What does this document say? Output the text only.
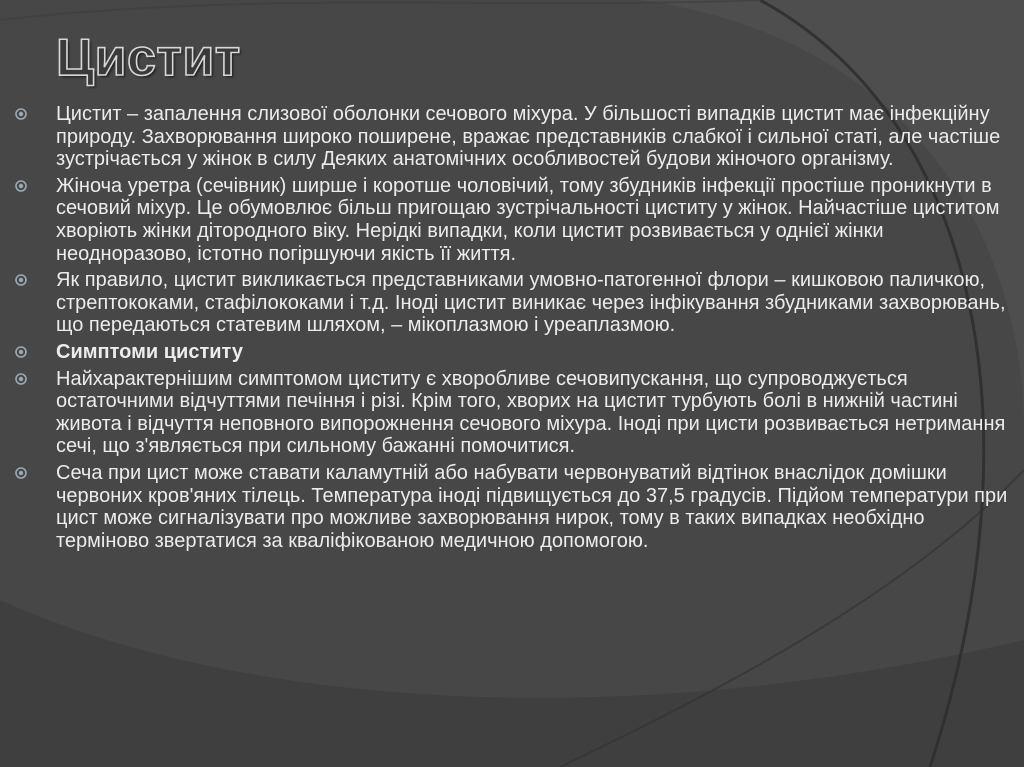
Цистит
Цистит – запалення слизової оболонки сечового міхура. У більшості випадків цистит має інфекційну природу. Захворювання широко поширене, вражає представників слабкої і сильної статі, але частіше зустрічається у жінок в силу Деяких анатомічних особливостей будови жіночого організму.
Жіноча уретра (сечівник) ширше і коротше чоловічий, тому збудників інфекції простіше проникнути в сечовий міхур. Це обумовлює більш пригощаю зустрічальності циститу у жінок. Найчастіше циститом хворіють жінки дітородного віку. Нерідкі випадки, коли цистит розвивається у однієї жінки неодноразово, істотно погіршуючи якість її життя.
Як правило, цистит викликається представниками умовно-патогенної флори – кишковою паличкою, стрептококами, стафілококами і т.д. Іноді цистит виникає через інфікування збудниками захворювань, що передаються статевим шляхом, – мікоплазмою і уреаплазмою.
Симптоми циститу
Найхарактернішим симптомом циститу є хворобливе сечовипускання, що супроводжується остаточними відчуттями печіння і різі. Крім того, хворих на цистит турбують болі в нижній частині живота і відчуття неповного випорожнення сечового міхура. Іноді при цисти розвивається нетримання сечі, що з'являється при сильному бажанні помочитися.
Сеча при цист може ставати каламутній або набувати червонуватий відтінок внаслідок домішки червоних кров'яних тілець. Температура іноді підвищується до 37,5 градусів. Підйом температури при цист може сигналізувати про можливе захворювання нирок, тому в таких випадках необхідно терміново звертатися за кваліфікованою медичною допомогою.
